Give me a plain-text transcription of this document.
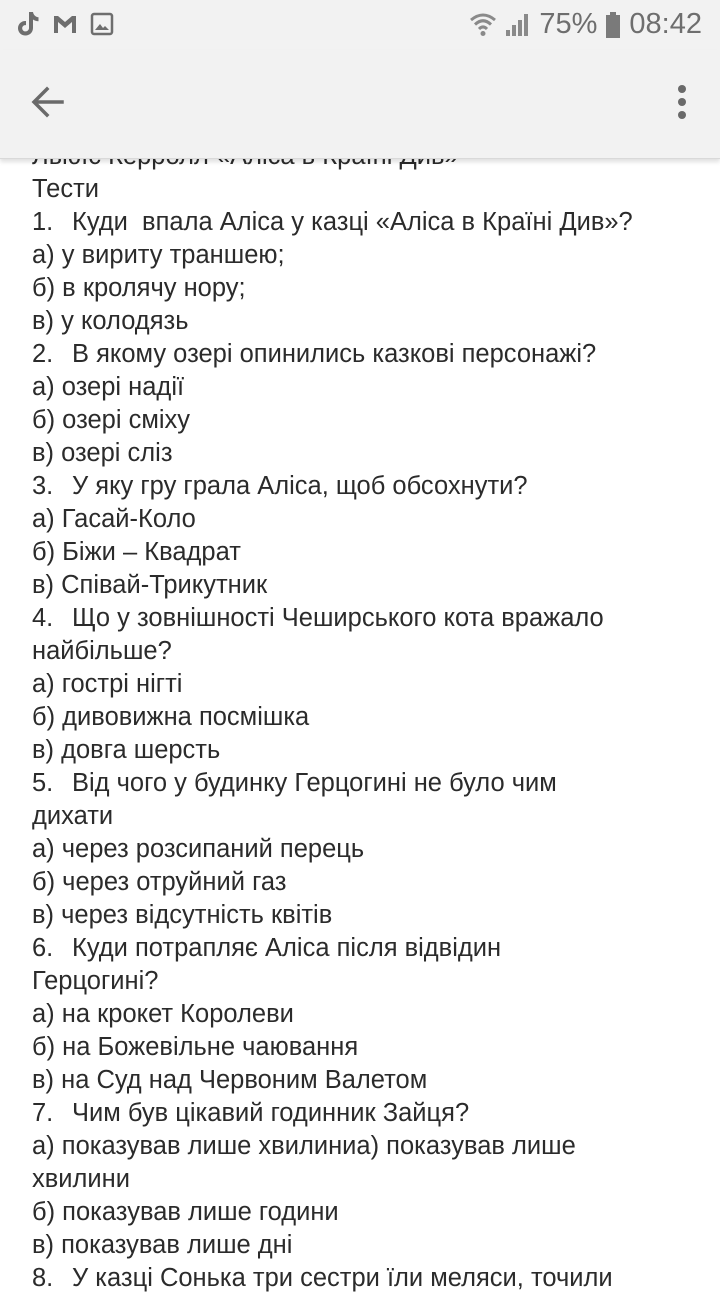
75% 08:42
Тести
1. Куди  впала Аліса у казці «Аліса в Країні Див»?
а) у вириту траншею;
б) в кролячу нору;
в) у колодязь
2. В якому озері опинились казкові персонажі?
а) озері надії
б) озері сміху
в) озері сліз
3. У яку гру грала Аліса, щоб обсохнути?
а) Гасай-Коло
б) Біжи – Квадрат
в) Співай-Трикутник
4. Що у зовнішності Чеширського кота вражало
найбільше?
а) гострі нігті
б) дивовижна посмішка
в) довга шерсть
5. Від чого у будинку Герцогині не було чим
дихати
а) через розсипаний перець
б) через отруйний газ
в) через відсутність квітів
6. Куди потрапляє Аліса після відвідин
Герцогині?
а) на крокет Королеви
б) на Божевільне чаювання
в) на Суд над Червоним Валетом
7. Чим був цікавий годинник Зайця?
а) показував лише хвилиниа) показував лише
хвилини
б) показував лише години
в) показував лише дні
8. У казці Сонька три сестри їли меляси, точили
